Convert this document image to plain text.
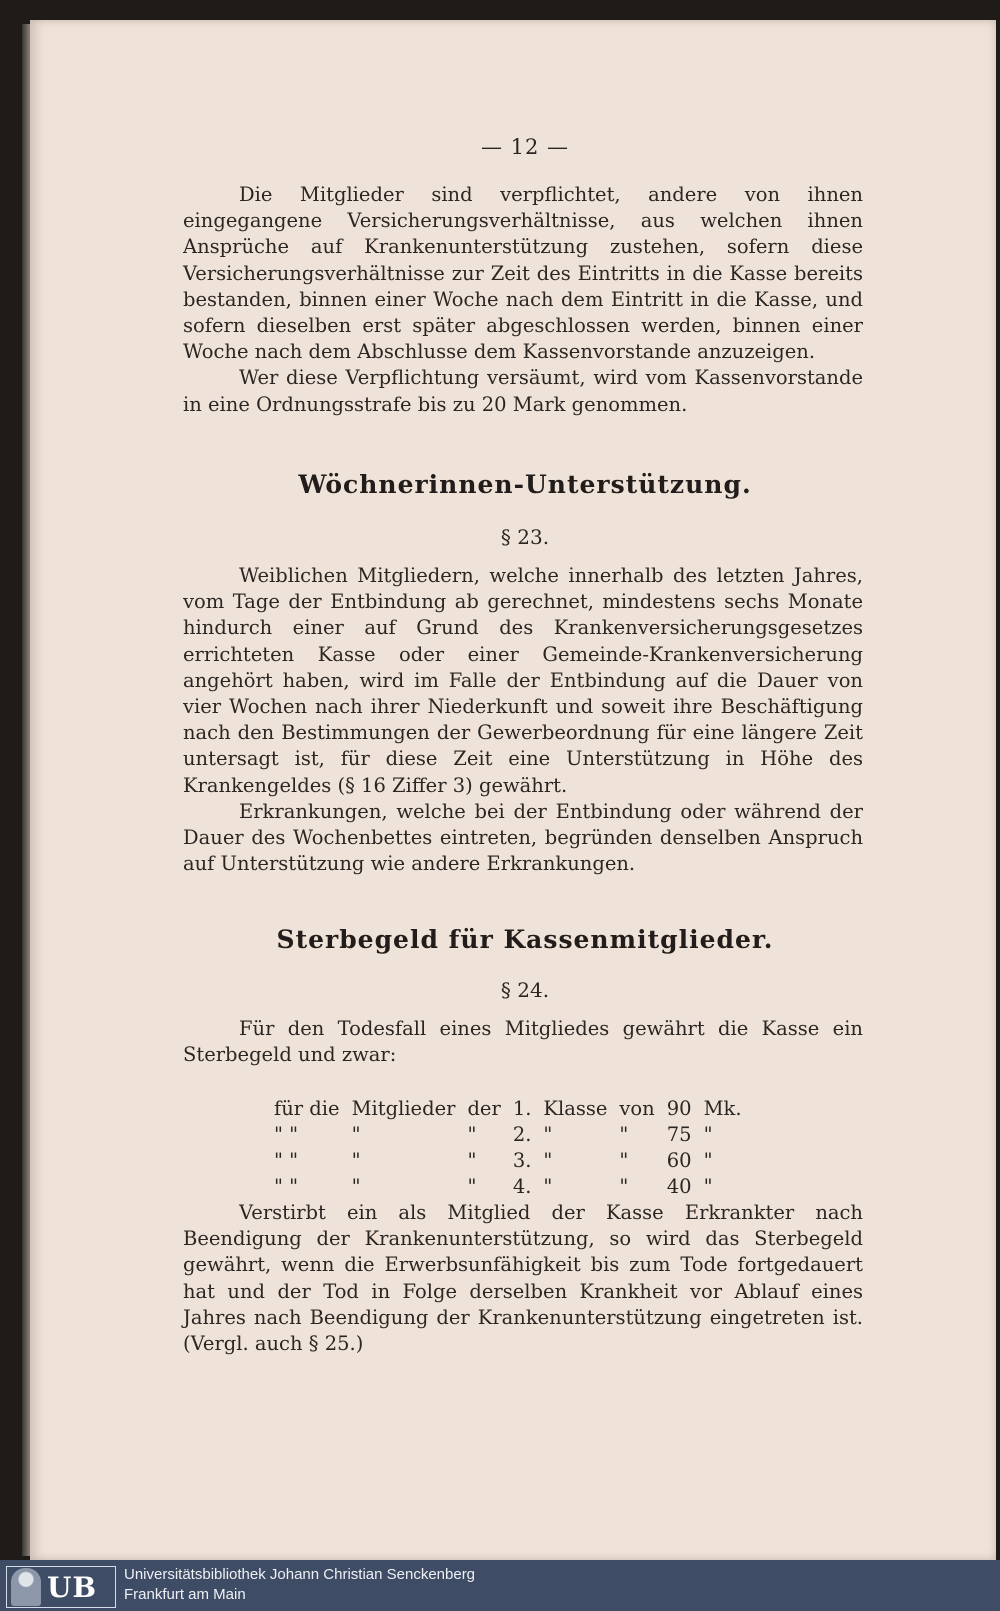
— 12 —

Die Mitglieder sind verpflichtet, andere von ihnen eingegangene Versicherungsverhältnisse, aus welchen ihnen Ansprüche auf Krankenunterstützung zustehen, sofern diese Versicherungsverhältnisse zur Zeit des Eintritts in die Kasse bereits bestanden, binnen einer Woche nach dem Eintritt in die Kasse, und sofern dieselben erst später abgeschlossen werden, binnen einer Woche nach dem Abschlusse dem Kassenvorstande anzuzeigen.

Wer diese Verpflichtung versäumt, wird vom Kassenvorstande in eine Ordnungsstrafe bis zu 20 Mark genommen.

Wöchnerinnen-Unterstützung.
§ 23.

Weiblichen Mitgliedern, welche innerhalb des letzten Jahres, vom Tage der Entbindung ab gerechnet, mindestens sechs Monate hindurch einer auf Grund des Krankenversicherungsgesetzes errichteten Kasse oder einer Gemeinde-Krankenversicherung angehört haben, wird im Falle der Entbindung auf die Dauer von vier Wochen nach ihrer Niederkunft und soweit ihre Beschäftigung nach den Bestimmungen der Gewerbeordnung für eine längere Zeit untersagt ist, für diese Zeit eine Unterstützung in Höhe des Krankengeldes (§ 16 Ziffer 3) gewährt.

Erkrankungen, welche bei der Entbindung oder während der Dauer des Wochenbettes eintreten, begründen denselben Anspruch auf Unterstützung wie andere Erkrankungen.

Sterbegeld für Kassenmitglieder.
§ 24.

Für den Todesfall eines Mitgliedes gewährt die Kasse ein Sterbegeld und zwar:

für die	Mitglieder	der	1.	Klasse	von	90	Mk.
" "	"	"	2.	"	"	75	"
" "	"	"	3.	"	"	60	"
" "	"	"	4.	"	"	40	"

Verstirbt ein als Mitglied der Kasse Erkrankter nach Beendigung der Krankenunterstützung, so wird das Sterbegeld gewährt, wenn die Erwerbsunfähigkeit bis zum Tode fortgedauert hat und der Tod in Folge derselben Krankheit vor Ablauf eines Jahres nach Beendigung der Krankenunterstützung eingetreten ist. (Vergl. auch § 25.)

UB Universitätsbibliothek Johann Christian Senckenberg
Frankfurt am Main
